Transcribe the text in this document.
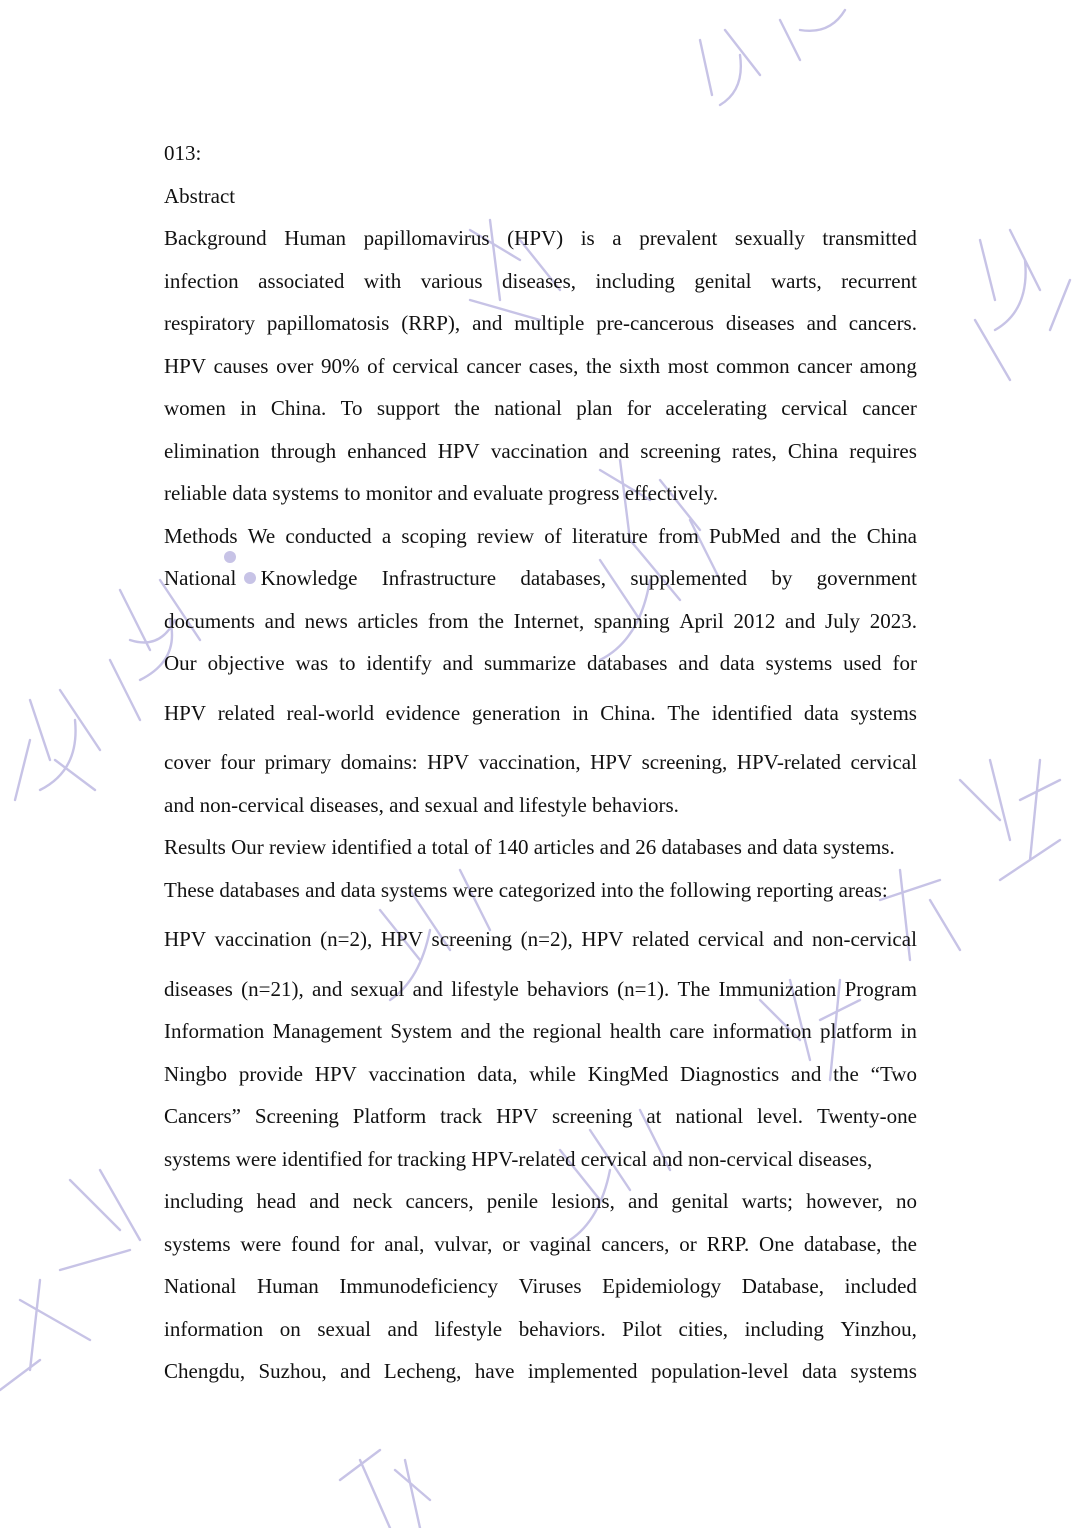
013:
Abstract
Background Human papillomavirus (HPV) is a prevalent sexually transmitted
infection associated with various diseases, including genital warts, recurrent
respiratory papillomatosis (RRP), and multiple pre-cancerous diseases and cancers.
HPV causes over 90% of cervical cancer cases, the sixth most common cancer among
women in China. To support the national plan for accelerating cervical cancer
elimination through enhanced HPV vaccination and screening rates, China requires
reliable data systems to monitor and evaluate progress effectively.
Methods We conducted a scoping review of literature from PubMed and the China
National Knowledge Infrastructure databases, supplemented by government
documents and news articles from the Internet, spanning April 2012 and July 2023.
Our objective was to identify and summarize databases and data systems used for
HPV related real-world evidence generation in China. The identified data systems
cover four primary domains: HPV vaccination, HPV screening, HPV-related cervical
and non-cervical diseases, and sexual and lifestyle behaviors.
Results Our review identified a total of 140 articles and 26 databases and data systems.
These databases and data systems were categorized into the following reporting areas:
HPV vaccination (n=2), HPV screening (n=2), HPV related cervical and non-cervical
diseases (n=21), and sexual and lifestyle behaviors (n=1). The Immunization Program
Information Management System and the regional health care information platform in
Ningbo provide HPV vaccination data, while KingMed Diagnostics and the “Two
Cancers” Screening Platform track HPV screening at national level. Twenty-one
systems were identified for tracking HPV-related cervical and non-cervical diseases,
including head and neck cancers, penile lesions, and genital warts; however, no
systems were found for anal, vulvar, or vaginal cancers, or RRP. One database, the
National Human Immunodeficiency Viruses Epidemiology Database, included
information on sexual and lifestyle behaviors. Pilot cities, including Yinzhou,
Chengdu, Suzhou, and Lecheng, have implemented population-level data systems
